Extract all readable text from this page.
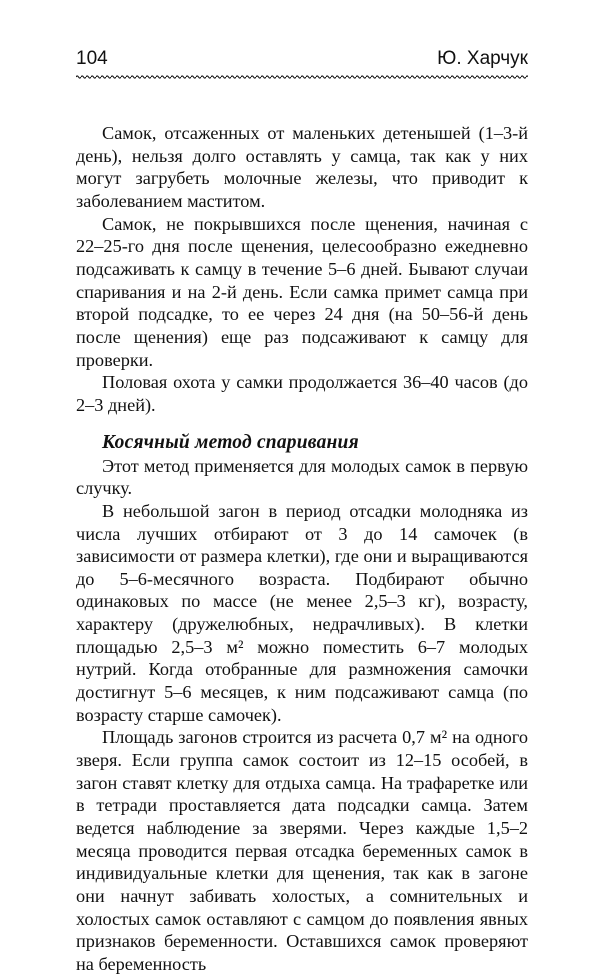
104	Ю. Харчук

Самок, отсаженных от маленьких детенышей (1–3-й день), нельзя долго оставлять у самца, так как у них могут загрубеть молочные железы, что приводит к заболеванием маститом.

Самок, не покрывшихся после щенения, начиная с 22–25-го дня после щенения, целесообразно ежедневно подсаживать к самцу в течение 5–6 дней. Бывают случаи спаривания и на 2-й день. Если самка примет самца при второй подсадке, то ее через 24 дня (на 50–56-й день после щенения) еще раз подсаживают к самцу для проверки.

Половая охота у самки продолжается 36–40 часов (до 2–3 дней).

Косячный метод спаривания

Этот метод применяется для молодых самок в первую случку.

В небольшой загон в период отсадки молодняка из числа лучших отбирают от 3 до 14 самочек (в зависимости от размера клетки), где они и выращиваются до 5–6-месячного возраста. Подбирают обычно одинаковых по массе (не менее 2,5–3 кг), возрасту, характеру (дружелюбных, недрачливых). В клетки площадью 2,5–3 м² можно поместить 6–7 молодых нутрий. Когда отобранные для размножения самочки достигнут 5–6 месяцев, к ним подсаживают самца (по возрасту старше самочек).

Площадь загонов строится из расчета 0,7 м² на одного зверя. Если группа самок состоит из 12–15 особей, в загон ставят клетку для отдыха самца. На трафаретке или в тетради проставляется дата подсадки самца. Затем ведется наблюдение за зверями. Через каждые 1,5–2 месяца проводится первая отсадка беременных самок в индивидуальные клетки для щенения, так как в загоне они начнут забивать холостых, а сомнительных и холостых самок оставляют с самцом до появления явных признаков беременности. Оставшихся самок проверяют на беременность
